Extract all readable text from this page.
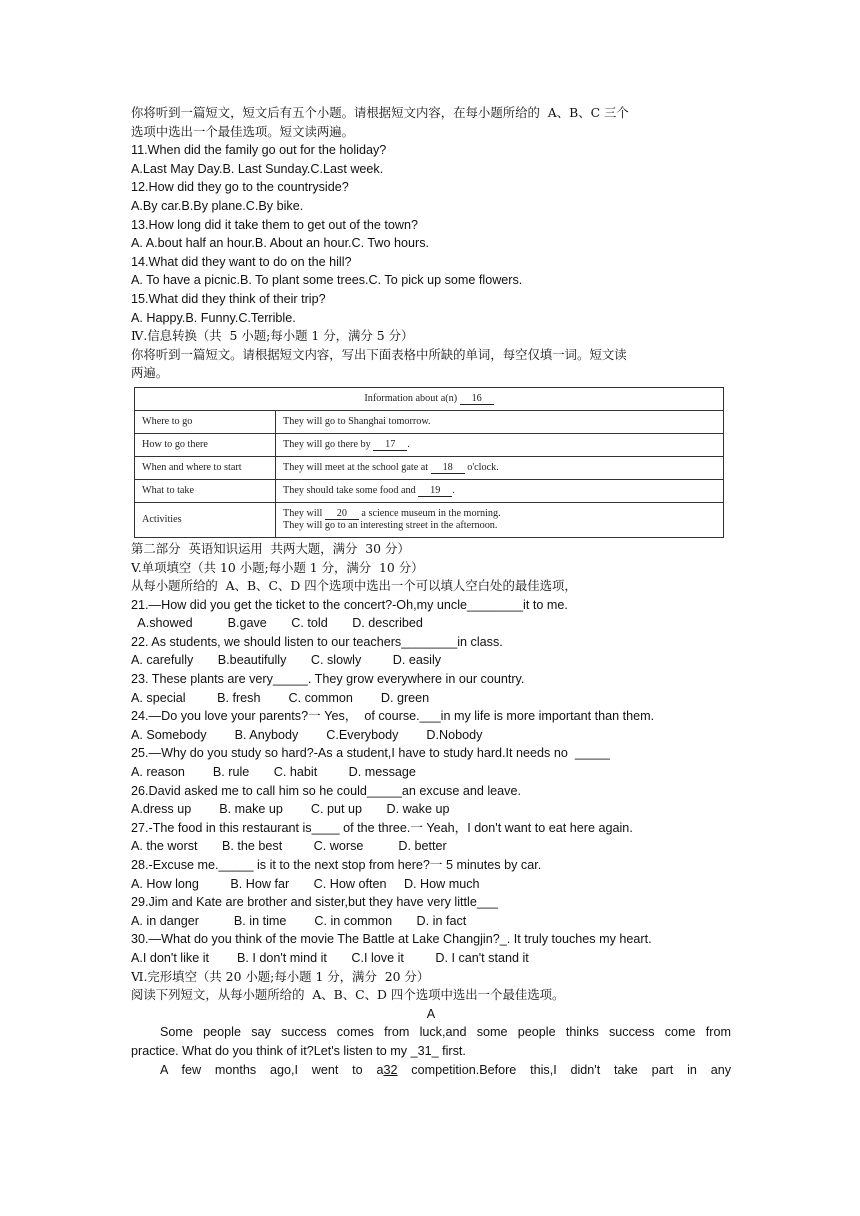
你将听到一篇短文，短文后有五个小题。请根据短文内容，在每小题所给的  A、B、C 三个
选项中选出一个最佳选项。短文读两遍。
11.When did the family go out for the holiday?
A.Last May Day.B. Last Sunday.C.Last week.
12.How did they go to the countryside?
A.By car.B.By plane.C.By bike.
13.How long did it take them to get out of the town?
A. A.bout half an hour.B. About an hour.C. Two hours.
14.What did they want to do on the hill?
A. To have a picnic.B. To plant some trees.C. To pick up some flowers.
15.What did they think of their trip?
A. Happy.B. Funny.C.Terrible.
Ⅳ.信息转换（共  5 小题;每小题 1 分，满分 5 分）
你将听到一篇短文。请根据短文内容，写出下面表格中所缺的单词，每空仅填一词。短文读
两遍。
Information about a(n) 16	
Where to go	They will go to Shanghai tomorrow.
How to go there	They will go there by 17 .
When and where to start	They will meet at the school gate at 18 o'clock.
What to take	They should take some food and 19 .
Activities	They will 20 a science museum in the morning.
They will go to an interesting street in the afternoon.
第二部分  英语知识运用  共两大题，满分  30 分）
V.单项填空（共 10 小题;每小题 1 分，满分  10 分）
从每小题所给的  A、B、C、D 四个选项中选出一个可以填人空白处的最佳选项，
21.—How did you get the ticket to the concert?-Oh,my uncle________it to me.
A.showed          B.gave       C. told       D. described
22. As students, we should listen to our teachers________in class.
A. carefully       B.beautifully       C. slowly         D. easily
23. These plants are very_____. They grow everywhere in our country.
A. special         B. fresh        C. common        D. green
24.—Do you love your parents?一 Yes，  of course.___in my life is more important than them.
A. Somebody        B. Anybody        C.Everybody        D.Nobody
25.—Why do you study so hard?-As a student,I have to study hard.It needs no  _____
A. reason        B. rule       C. habit         D. message
26.David asked me to call him so he could_____an excuse and leave.
A.dress up        B. make up        C. put up       D. wake up
27.-The food in this restaurant is____ of the three.一 Yeah，I don't want to eat here again.
A. the worst       B. the best         C. worse          D. better
28.-Excuse me._____ is it to the next stop from here?一 5 minutes by car.
A. How long         B. How far       C. How often     D. How much
29.Jim and Kate are brother and sister,but they have very little___
A. in danger          B. in time        C. in common       D. in fact
30.—What do you think of the movie The Battle at Lake Changjin?_. It truly touches my heart.
A.I don't like it        B. I don't mind it       C.I love it         D. I can't stand it
Ⅵ.完形填空（共 20 小题;每小题 1 分，满分  20 分）
阅读下列短文，从每小题所给的  A、B、C、D 四个选项中选出一个最佳选项。
A
Some people say success comes from luck,and some people thinks success come from
practice. What do you think of it?Let's listen to my _31_ first.
A few months ago,I went to a32 competition.Before this,I didn't take part in any
